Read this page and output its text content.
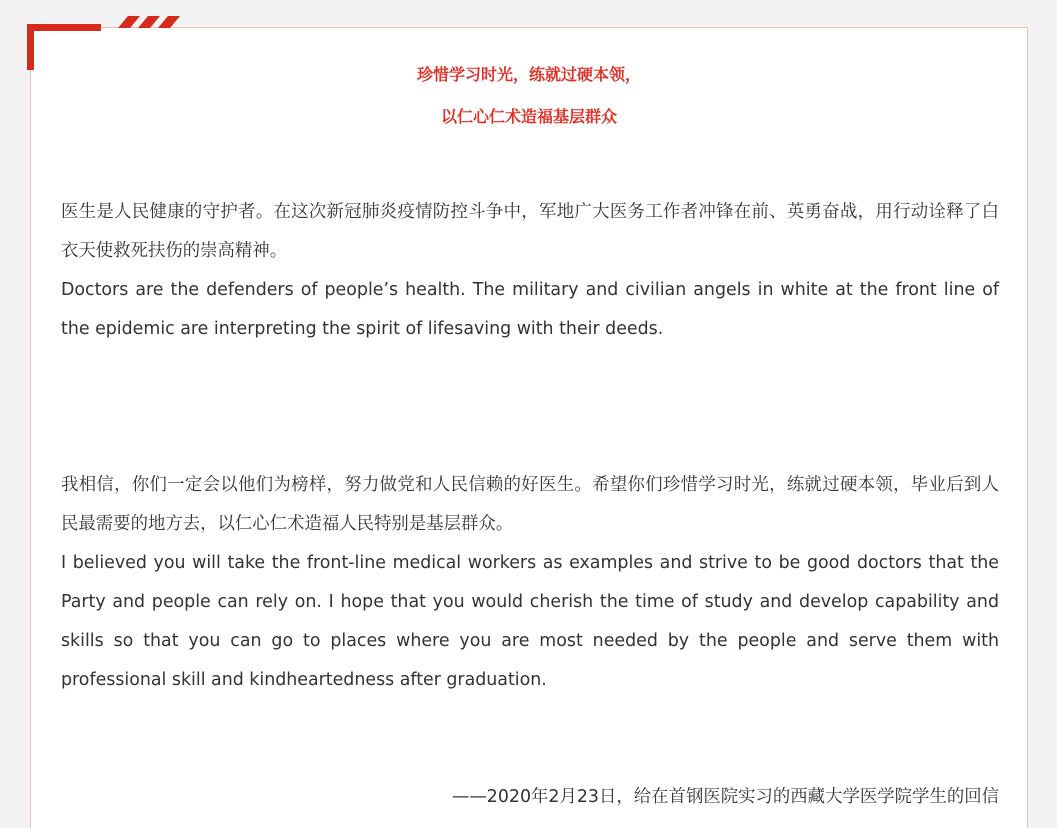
珍惜学习时光，练就过硬本领，
以仁心仁术造福基层群众
医生是人民健康的守护者。在这次新冠肺炎疫情防控斗争中，军地广大医务工作者冲锋在前、英勇奋战，用行动诠释了白衣天使救死扶伤的崇高精神。
Doctors are the defenders of people’s health. The military and civilian angels in white at the front line of the epidemic are interpreting the spirit of lifesaving with their deeds.
我相信，你们一定会以他们为榜样，努力做党和人民信赖的好医生。希望你们珍惜学习时光，练就过硬本领，毕业后到人民最需要的地方去，以仁心仁术造福人民特别是基层群众。
I believed you will take the front-line medical workers as examples and strive to be good doctors that the Party and people can rely on. I hope that you would cherish the time of study and develop capability and skills so that you can go to places where you are most needed by the people and serve them with professional skill and kindheartedness after graduation.
——2020年2月23日，给在首钢医院实习的西藏大学医学院学生的回信
